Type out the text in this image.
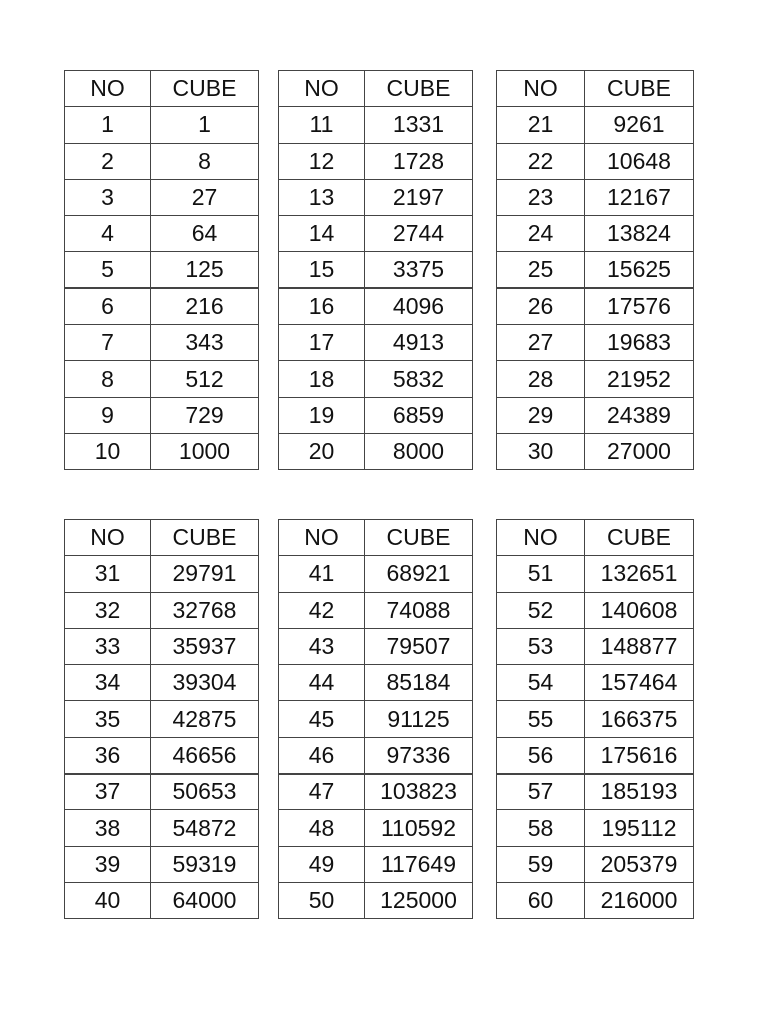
NO	CUBE
1	1
2	8
3	27
4	64
5	125
6	216
7	343
8	512
9	729
10	1000
NO	CUBE
11	1331
12	1728
13	2197
14	2744
15	3375
16	4096
17	4913
18	5832
19	6859
20	8000
NO	CUBE
21	9261
22	10648
23	12167
24	13824
25	15625
26	17576
27	19683
28	21952
29	24389
30	27000
NO	CUBE
31	29791
32	32768
33	35937
34	39304
35	42875
36	46656
37	50653
38	54872
39	59319
40	64000
NO	CUBE
41	68921
42	74088
43	79507
44	85184
45	91125
46	97336
47	103823
48	110592
49	117649
50	125000
NO	CUBE
51	132651
52	140608
53	148877
54	157464
55	166375
56	175616
57	185193
58	195112
59	205379
60	216000
